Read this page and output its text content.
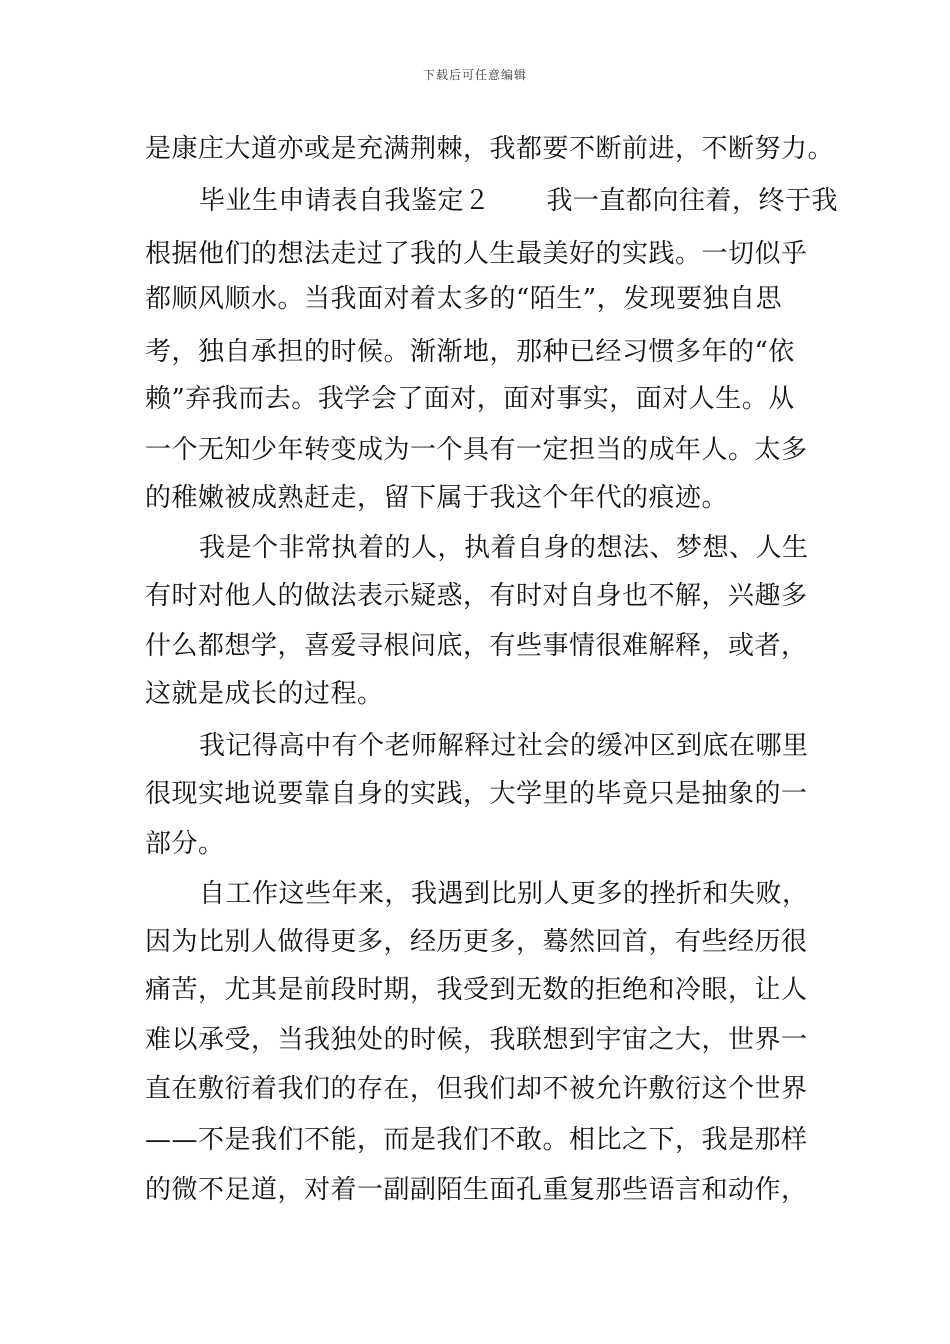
下载后可任意编辑
是康庄大道亦或是充满荆棘，我都要不断前进，不断努力。
毕业生申请表自我鉴定２ 我一直都向往着，终于我
根据他们的想法走过了我的人生最美好的实践。一切似乎
都顺风顺水。当我面对着太多的“陌生”，发现要独自思
考，独自承担的时候。渐渐地，那种已经习惯多年的“依
赖”弃我而去。我学会了面对，面对事实，面对人生。从
一个无知少年转变成为一个具有一定担当的成年人。太多
的稚嫩被成熟赶走，留下属于我这个年代的痕迹。
我是个非常执着的人，执着自身的想法、梦想、人生
有时对他人的做法表示疑惑，有时对自身也不解，兴趣多
什么都想学，喜爱寻根问底，有些事情很难解释，或者，
这就是成长的过程。
我记得高中有个老师解释过社会的缓冲区到底在哪里
很现实地说要靠自身的实践，大学里的毕竟只是抽象的一
部分。
自工作这些年来，我遇到比别人更多的挫折和失败，
因为比别人做得更多，经历更多，蓦然回首，有些经历很
痛苦，尤其是前段时期，我受到无数的拒绝和冷眼，让人
难以承受，当我独处的时候，我联想到宇宙之大，世界一
直在敷衍着我们的存在，但我们却不被允许敷衍这个世界
——不是我们不能，而是我们不敢。相比之下，我是那样
的微不足道，对着一副副陌生面孔重复那些语言和动作，
